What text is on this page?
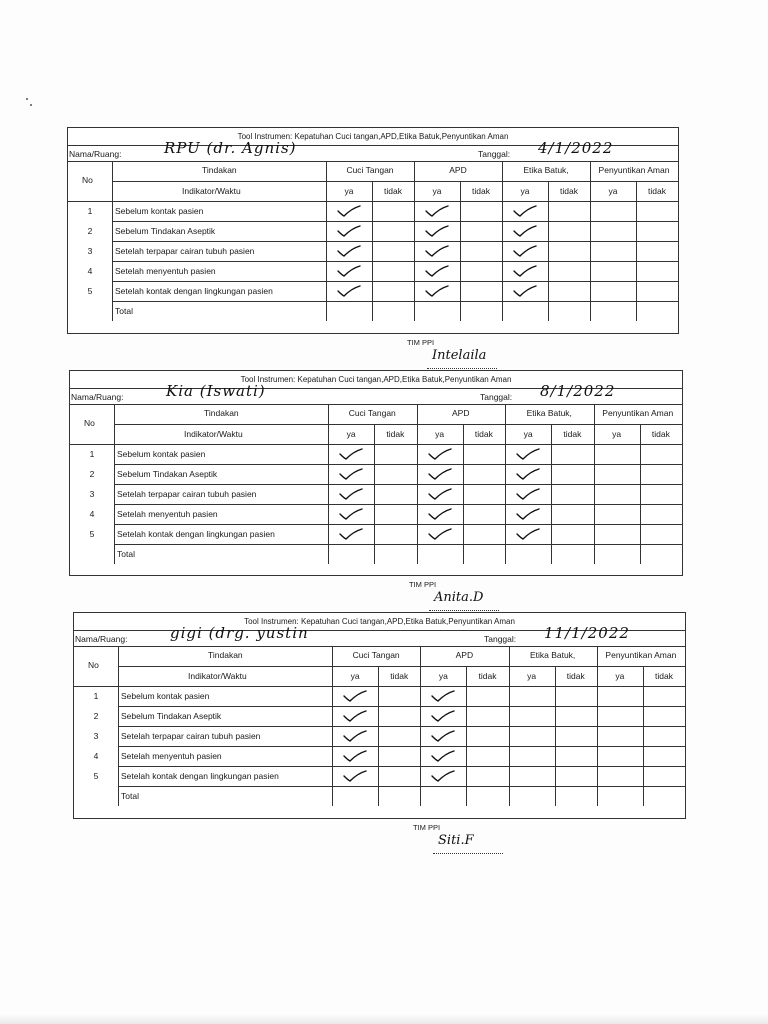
Tool Instrumen: Kepatuhan Cuci tangan,APD,Etika Batuk,Penyuntikan Aman
Nama/Ruang:	RPU (dr. Agnis)	Tanggal: 4/1/2022
No
Tindakan
Indikator/Waktu
Cuci Tangan	APD	Etika Batuk,	Penyuntikan Aman
ya	tidak	ya	tidak	ya	tidak	ya	tidak
1	Sebelum kontak pasien
2	Sebelum Tindakan Aseptik
3	Setelah terpapar cairan tubuh pasien
4	Setelah menyentuh pasien
5	Setelah kontak dengan lingkungan pasien
Total
Tool Instrumen: Kepatuhan Cuci tangan,APD,Etika Batuk,Penyuntikan Aman
Nama/Ruang:	Kia (Iswati)	Tanggal: 8/1/2022
No
Tindakan
Indikator/Waktu
Cuci Tangan	APD	Etika Batuk,	Penyuntikan Aman
ya	tidak	ya	tidak	ya	tidak	ya	tidak
1	Sebelum kontak pasien
2	Sebelum Tindakan Aseptik
3	Setelah terpapar cairan tubuh pasien
4	Setelah menyentuh pasien
5	Setelah kontak dengan lingkungan pasien
Total
Tool Instrumen: Kepatuhan Cuci tangan,APD,Etika Batuk,Penyuntikan Aman
Nama/Ruang:	gigi (drg. yustin	Tanggal: 11/1/2022
No
Tindakan
Indikator/Waktu
Cuci Tangan	APD	Etika Batuk,	Penyuntikan Aman
ya	tidak	ya	tidak	ya	tidak	ya	tidak
1	Sebelum kontak pasien
2	Sebelum Tindakan Aseptik
3	Setelah terpapar cairan tubuh pasien
4	Setelah menyentuh pasien
5	Setelah kontak dengan lingkungan pasien
Total
TIM PPI
Intelaila
TIM PPI
Anita.D
TIM PPI
Siti.F
